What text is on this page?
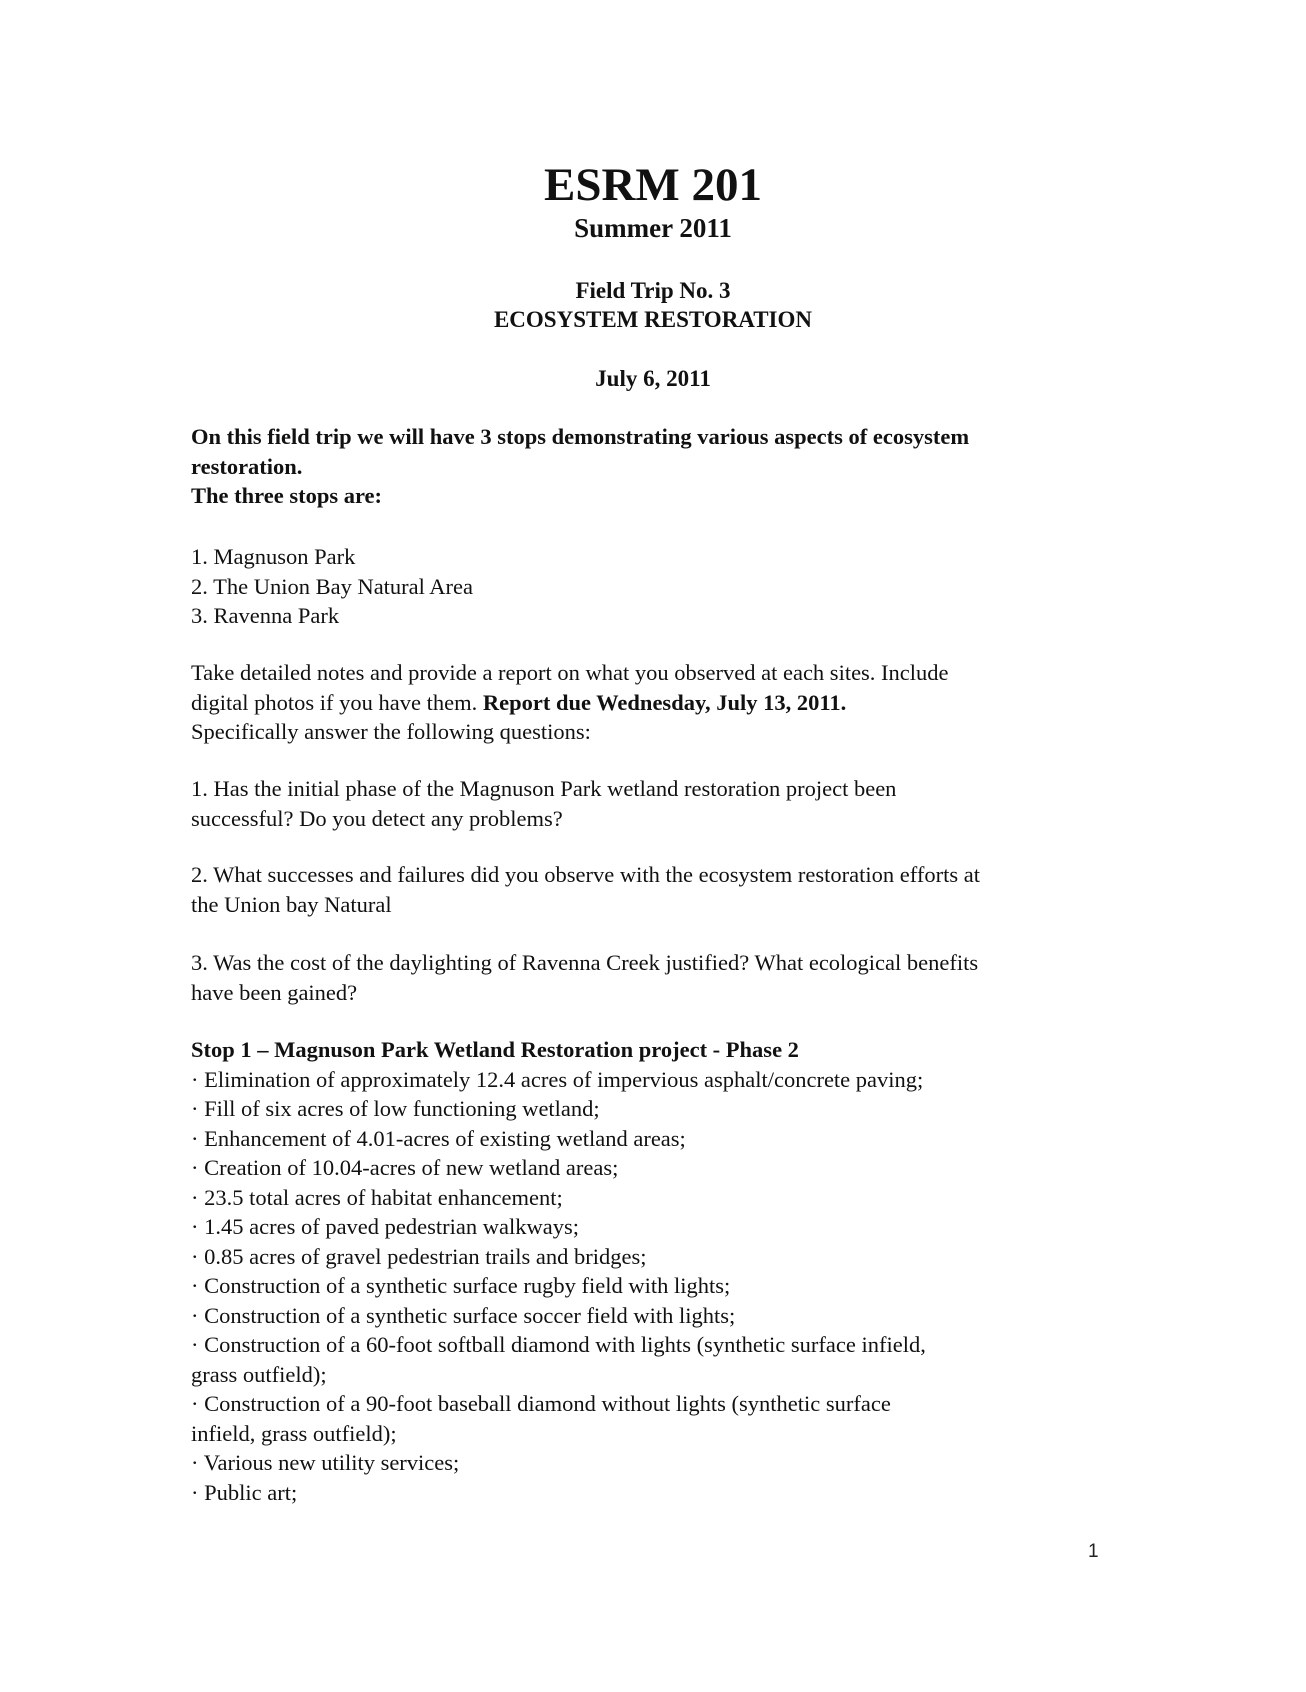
ESRM 201
Summer 2011
Field Trip No. 3
ECOSYSTEM RESTORATION
July 6, 2011
On this field trip we will have 3 stops demonstrating various aspects of ecosystem
restoration.
The three stops are:
1. Magnuson Park
2. The Union Bay Natural Area
3. Ravenna Park
Take detailed notes and provide a report on what you observed at each sites. Include
digital photos if you have them. Report due Wednesday, July 13, 2011.
Specifically answer the following questions:
1. Has the initial phase of the Magnuson Park wetland restoration project been
successful? Do you detect any problems?
2. What successes and failures did you observe with the ecosystem restoration efforts at
the Union bay Natural
3. Was the cost of the daylighting of Ravenna Creek justified? What ecological benefits
have been gained?
Stop 1 – Magnuson Park Wetland Restoration project - Phase 2
· Elimination of approximately 12.4 acres of impervious asphalt/concrete paving;
· Fill of six acres of low functioning wetland;
· Enhancement of 4.01-acres of existing wetland areas;
· Creation of 10.04-acres of new wetland areas;
· 23.5 total acres of habitat enhancement;
· 1.45 acres of paved pedestrian walkways;
· 0.85 acres of gravel pedestrian trails and bridges;
· Construction of a synthetic surface rugby field with lights;
· Construction of a synthetic surface soccer field with lights;
· Construction of a 60-foot softball diamond with lights (synthetic surface infield,
grass outfield);
· Construction of a 90-foot baseball diamond without lights (synthetic surface
infield, grass outfield);
· Various new utility services;
· Public art;
1
